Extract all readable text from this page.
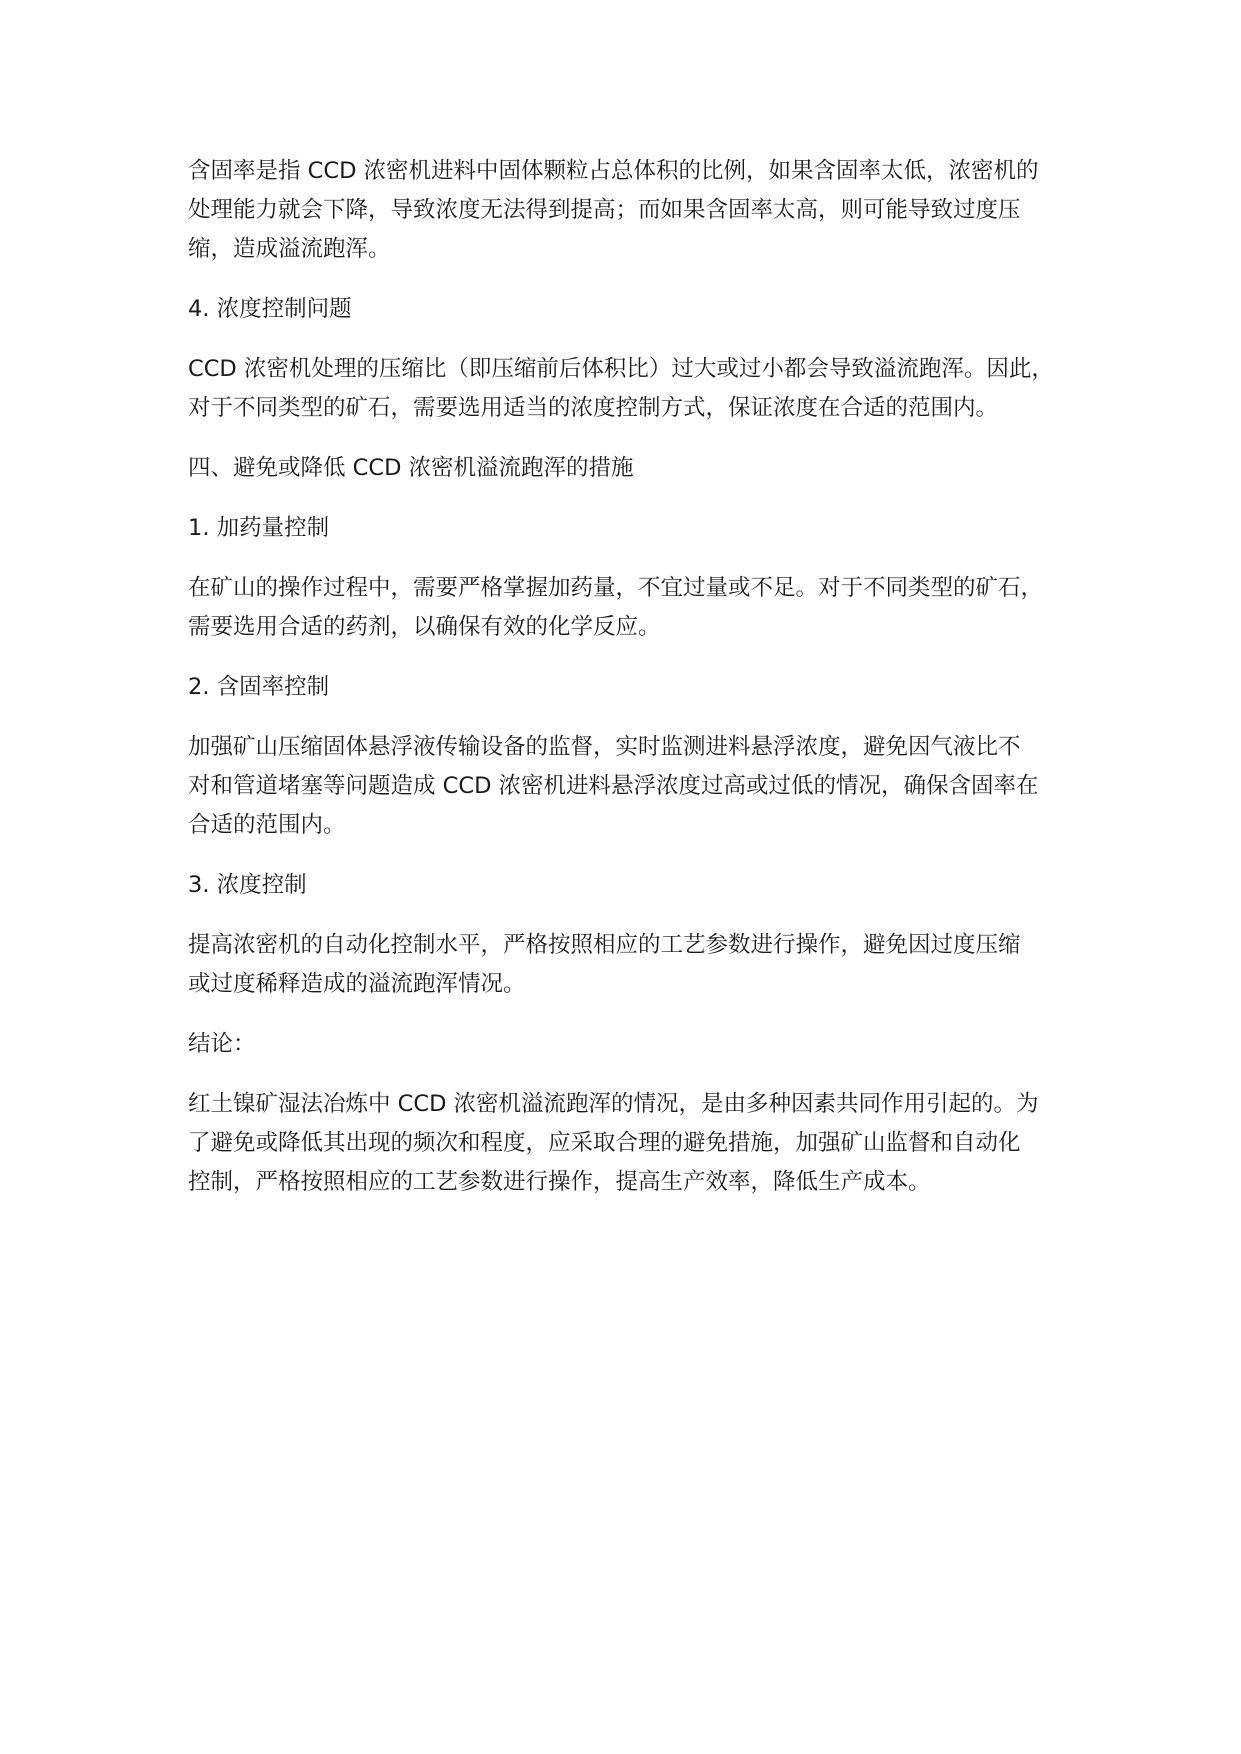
含固率是指 CCD 浓密机进料中固体颗粒占总体积的比例，如果含固率太低，浓密机的
处理能力就会下降，导致浓度无法得到提高；而如果含固率太高，则可能导致过度压
缩，造成溢流跑浑。

4. 浓度控制问题

CCD 浓密机处理的压缩比（即压缩前后体积比）过大或过小都会导致溢流跑浑。因此，
对于不同类型的矿石，需要选用适当的浓度控制方式，保证浓度在合适的范围内。

四、避免或降低 CCD 浓密机溢流跑浑的措施

1. 加药量控制

在矿山的操作过程中，需要严格掌握加药量，不宜过量或不足。对于不同类型的矿石，
需要选用合适的药剂，以确保有效的化学反应。

2. 含固率控制

加强矿山压缩固体悬浮液传输设备的监督，实时监测进料悬浮浓度，避免因气液比不
对和管道堵塞等问题造成 CCD 浓密机进料悬浮浓度过高或过低的情况，确保含固率在
合适的范围内。

3. 浓度控制

提高浓密机的自动化控制水平，严格按照相应的工艺参数进行操作，避免因过度压缩
或过度稀释造成的溢流跑浑情况。

结论：

红土镍矿湿法冶炼中 CCD 浓密机溢流跑浑的情况，是由多种因素共同作用引起的。为
了避免或降低其出现的频次和程度，应采取合理的避免措施，加强矿山监督和自动化
控制，严格按照相应的工艺参数进行操作，提高生产效率，降低生产成本。
